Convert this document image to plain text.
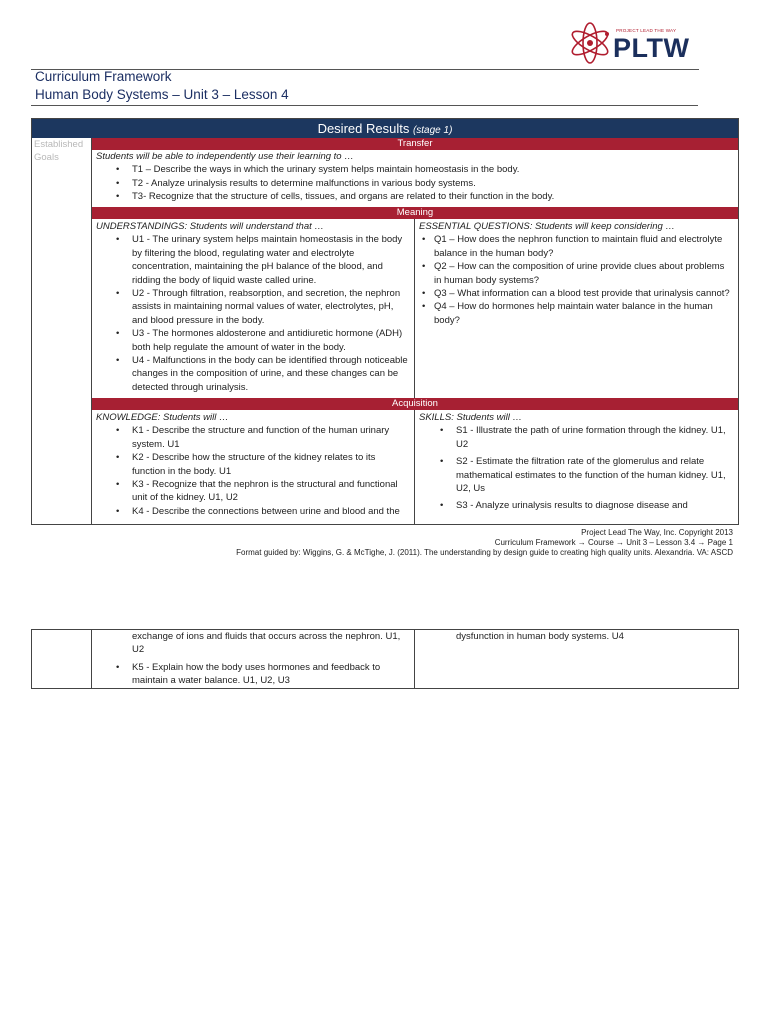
PROJECT LEAD THE WAY
PLTW
Curriculum Framework
Human Body Systems – Unit 3 – Lesson 4
Desired Results (stage 1)
Established
Goals
Transfer
Students will be able to independently use their learning to …
• T1 – Describe the ways in which the urinary system helps maintain homeostasis in the body.
• T2 - Analyze urinalysis results to determine malfunctions in various body systems.
• T3- Recognize that the structure of cells, tissues, and organs are related to their function in the body.
Meaning
UNDERSTANDINGS: Students will understand that …
• U1 - The urinary system helps maintain homeostasis in the body by filtering the blood, regulating water and electrolyte concentration, maintaining the pH balance of the blood, and ridding the body of liquid waste called urine.
• U2 - Through filtration, reabsorption, and secretion, the nephron assists in maintaining normal values of water, electrolytes, pH, and blood pressure in the body.
• U3 - The hormones aldosterone and antidiuretic hormone (ADH) both help regulate the amount of water in the body.
• U4 - Malfunctions in the body can be identified through noticeable changes in the composition of urine, and these changes can be detected through urinalysis.
ESSENTIAL QUESTIONS: Students will keep considering …
• Q1 – How does the nephron function to maintain fluid and electrolyte balance in the human body?
• Q2 – How can the composition of urine provide clues about problems in human body systems?
• Q3 – What information can a blood test provide that urinalysis cannot?
• Q4 – How do hormones help maintain water balance in the human body?
Acquisition
KNOWLEDGE: Students will …
• K1 - Describe the structure and function of the human urinary system. U1
• K2 - Describe how the structure of the kidney relates to its function in the body. U1
• K3 - Recognize that the nephron is the structural and functional unit of the kidney. U1, U2
• K4 - Describe the connections between urine and blood and the
SKILLS: Students will …
• S1 - Illustrate the path of urine formation through the kidney. U1, U2
• S2 - Estimate the filtration rate of the glomerulus and relate mathematical estimates to the function of the human kidney. U1, U2, Us
• S3 - Analyze urinalysis results to diagnose disease and
Project Lead The Way, Inc. Copyright 2013
Curriculum Framework → Course → Unit 3 – Lesson 3.4 → Page 1
Format guided by: Wiggins, G. & McTighe, J. (2011). The understanding by design guide to creating high quality units. Alexandria. VA: ASCD
exchange of ions and fluids that occurs across the nephron. U1, U2
• K5 - Explain how the body uses hormones and feedback to maintain a water balance. U1, U2, U3
dysfunction in human body systems. U4
